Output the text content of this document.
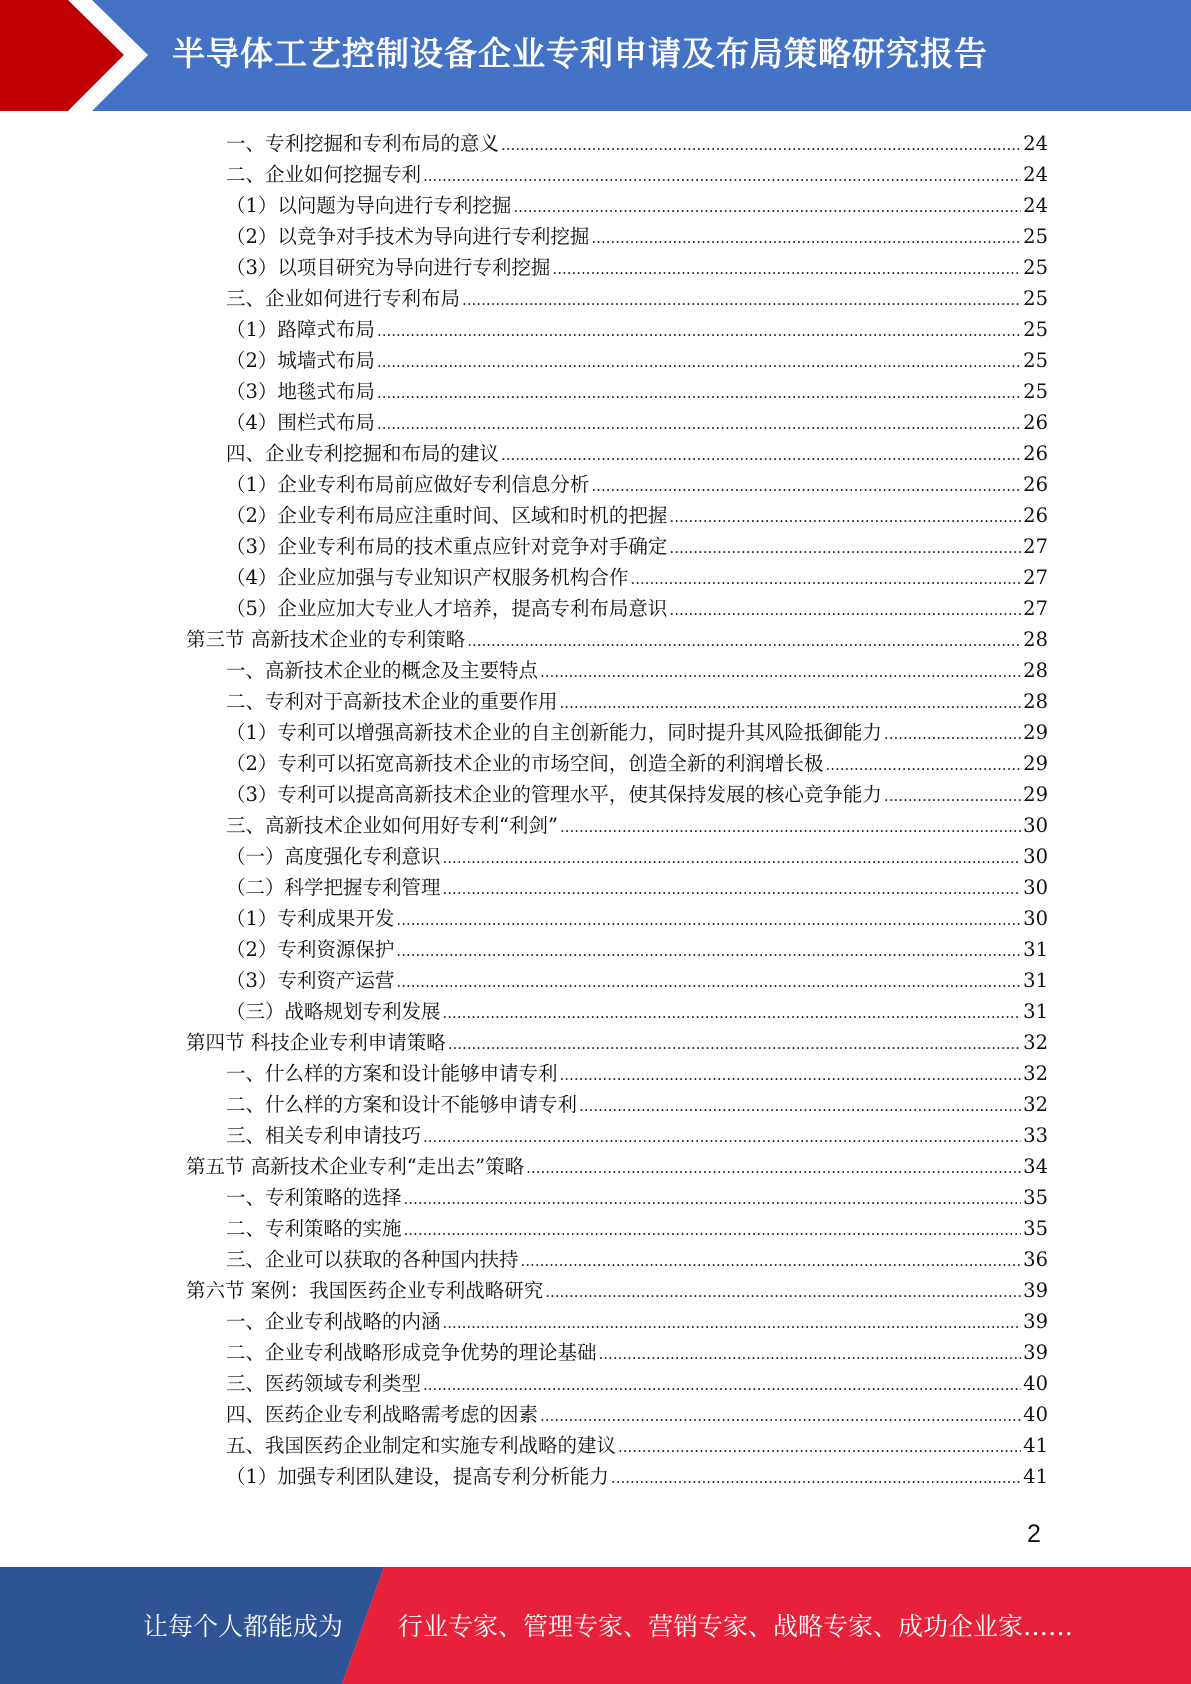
半导体工艺控制设备企业专利申请及布局策略研究报告
一、专利挖掘和专利布局的意义 .....	24
二、企业如何挖掘专利 .....	24
（1）以问题为导向进行专利挖掘 .....	24
（2）以竞争对手技术为导向进行专利挖掘 .....	25
（3）以项目研究为导向进行专利挖掘 .....	25
三、企业如何进行专利布局 .....	25
（1）路障式布局 .....	25
（2）城墙式布局 .....	25
（3）地毯式布局 .....	25
（4）围栏式布局 .....	26
四、企业专利挖掘和布局的建议 .....	26
（1）企业专利布局前应做好专利信息分析 .....	26
（2）企业专利布局应注重时间、区域和时机的把握 .....	26
（3）企业专利布局的技术重点应针对竞争对手确定 .....	27
（4）企业应加强与专业知识产权服务机构合作 .....	27
（5）企业应加大专业人才培养，提高专利布局意识 .....	27
第三节 高新技术企业的专利策略 .....	28
一、高新技术企业的概念及主要特点 .....	28
二、专利对于高新技术企业的重要作用 .....	28
（1）专利可以增强高新技术企业的自主创新能力，同时提升其风险抵御能力 .....	29
（2）专利可以拓宽高新技术企业的市场空间，创造全新的利润增长极 .....	29
（3）专利可以提高高新技术企业的管理水平，使其保持发展的核心竞争能力 .....	29
三、高新技术企业如何用好专利“利剑” .....	30
（一）高度强化专利意识 .....	30
（二）科学把握专利管理 .....	30
（1）专利成果开发 .....	30
（2）专利资源保护 .....	31
（3）专利资产运营 .....	31
（三）战略规划专利发展 .....	31
第四节 科技企业专利申请策略 .....	32
一、什么样的方案和设计能够申请专利 .....	32
二、什么样的方案和设计不能够申请专利 .....	32
三、相关专利申请技巧 .....	33
第五节 高新技术企业专利“走出去”策略 .....	34
一、专利策略的选择 .....	35
二、专利策略的实施 .....	35
三、企业可以获取的各种国内扶持 .....	36
第六节 案例：我国医药企业专利战略研究 .....	39
一、企业专利战略的内涵 .....	39
二、企业专利战略形成竞争优势的理论基础 .....	39
三、医药领域专利类型 .....	40
四、医药企业专利战略需考虑的因素 .....	40
五、我国医药企业制定和实施专利战略的建议 .....	41
（1）加强专利团队建设，提高专利分析能力 .....	41
2
让每个人都能成为 行业专家、管理专家、营销专家、战略专家、成功企业家……
